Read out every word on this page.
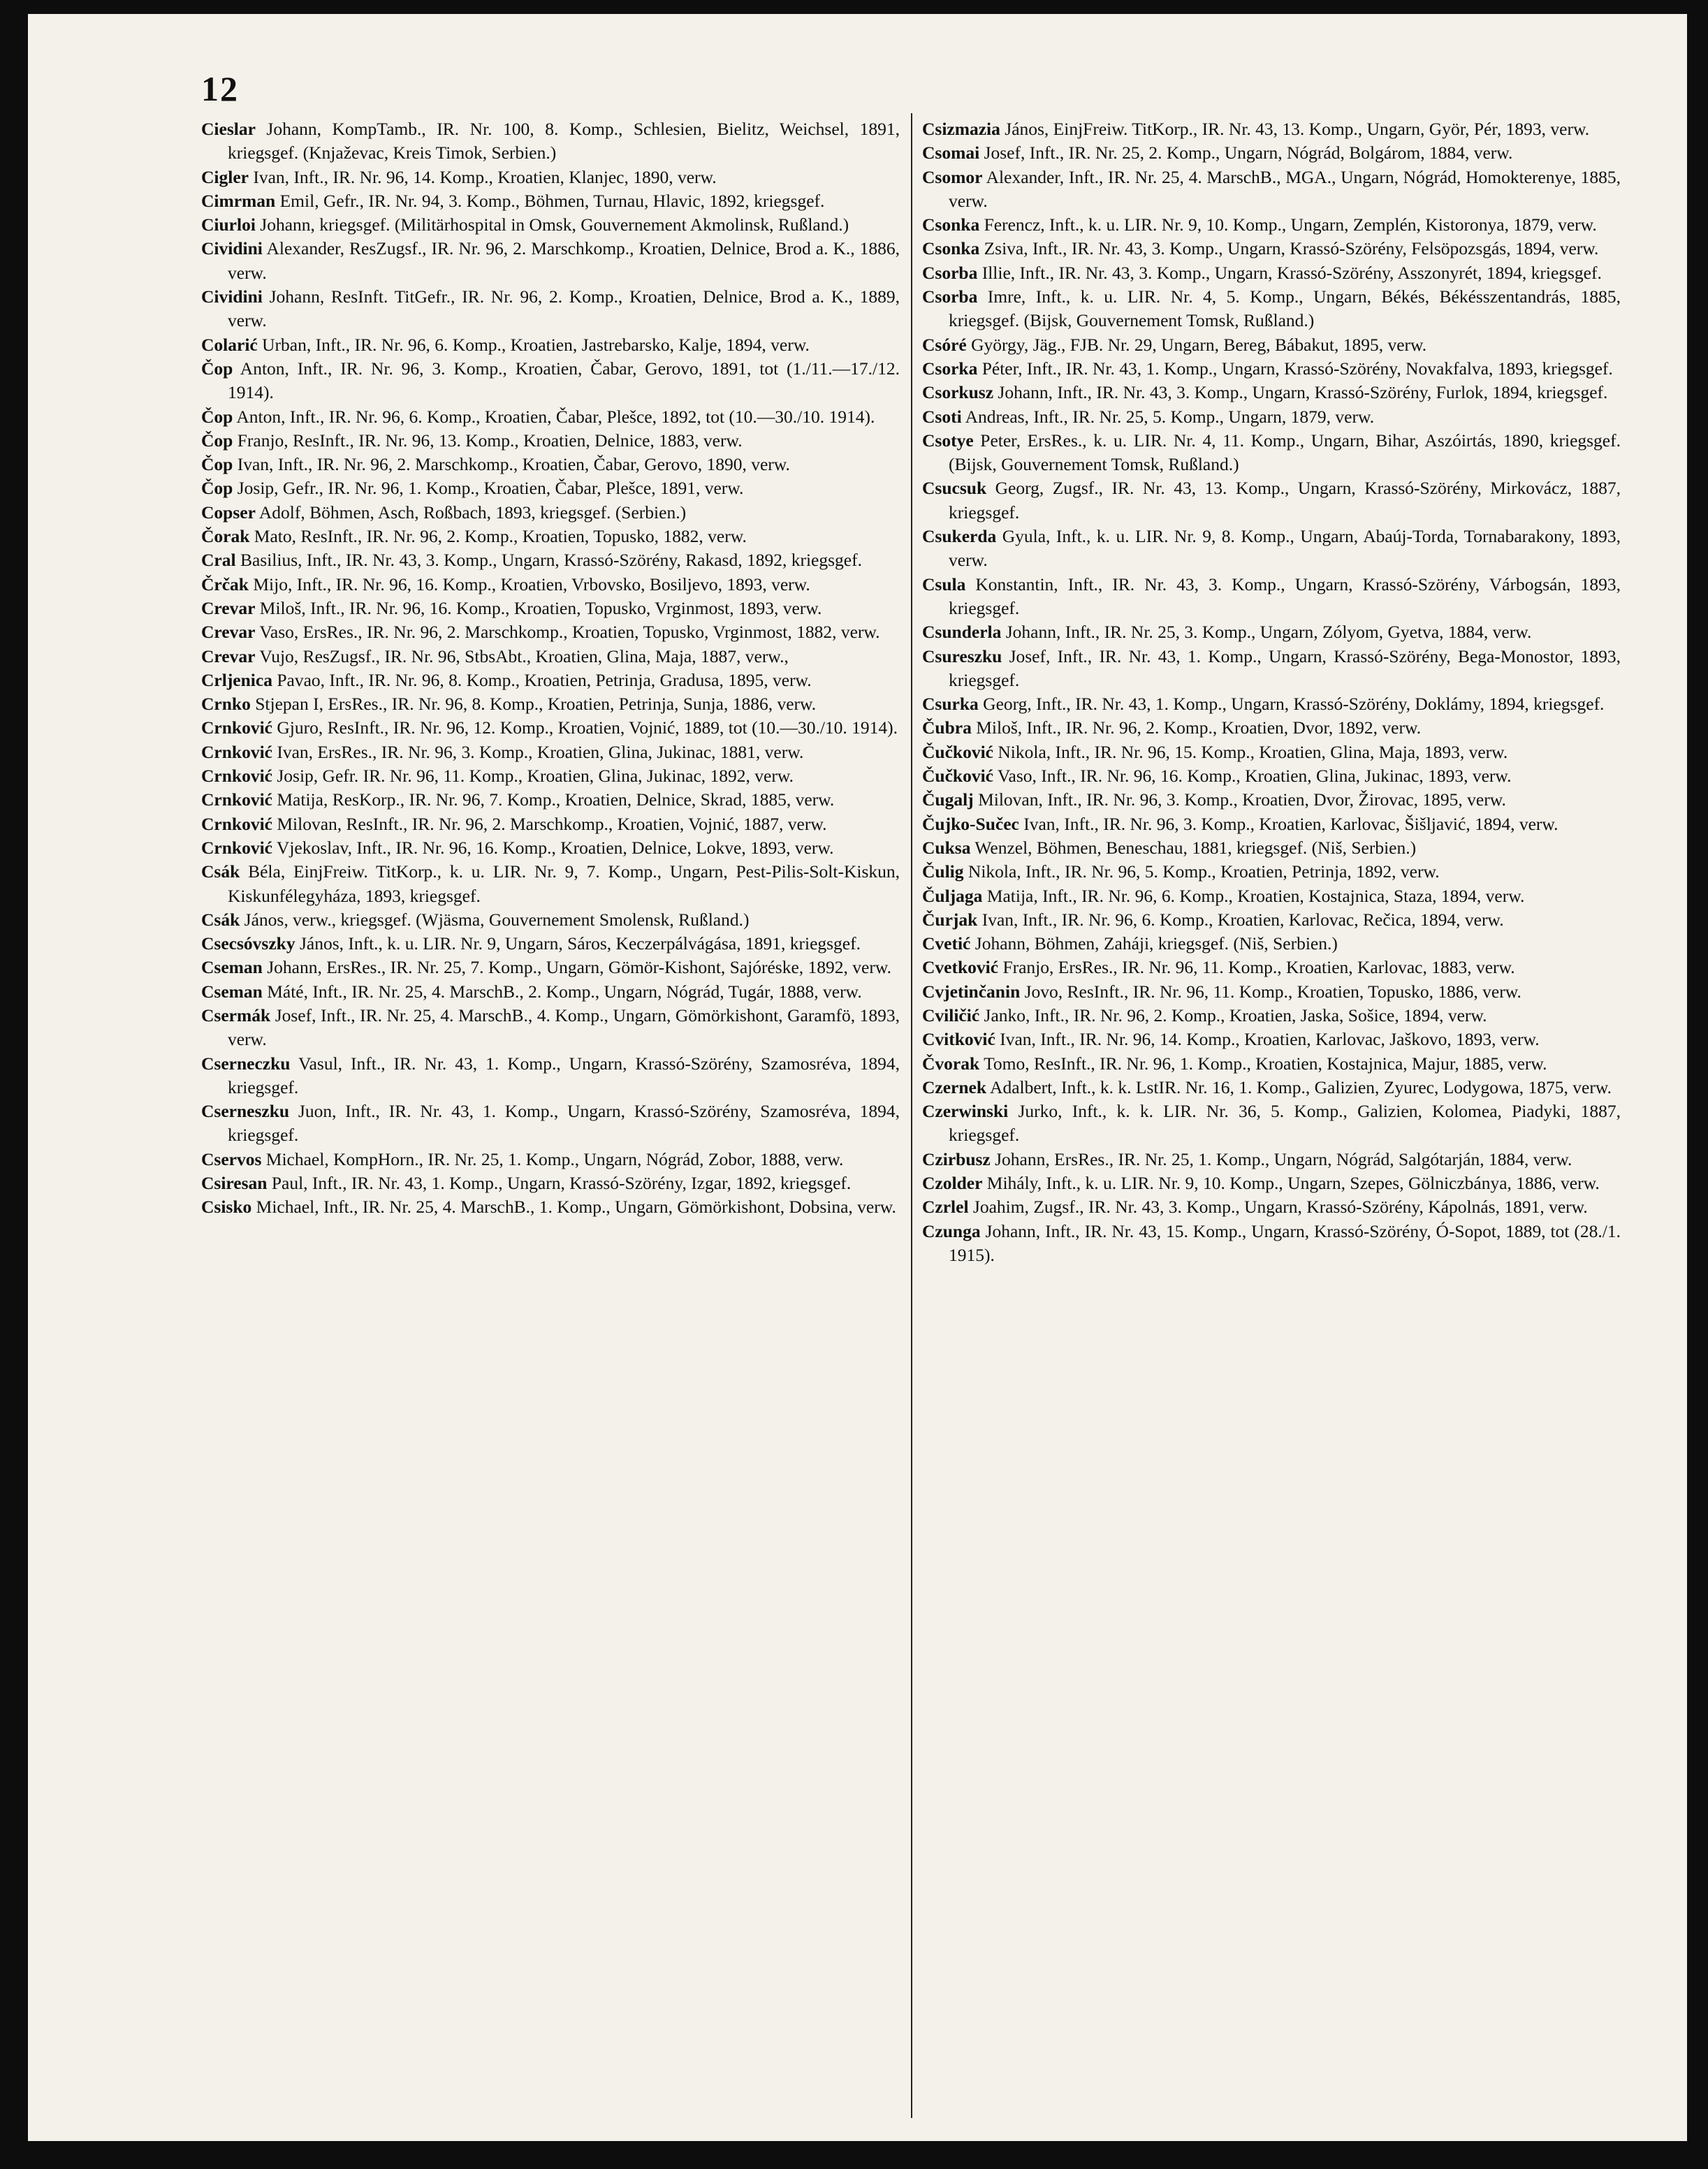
12
Cieslar Johann, KompTamb., IR. Nr. 100, 8. Komp., Schlesien, Bielitz, Weichsel, 1891, kriegsgef. (Knjaževac, Kreis Timok, Serbien.)
Cigler Ivan, Inft., IR. Nr. 96, 14. Komp., Kroatien, Klanjec, 1890, verw.
Cimrman Emil, Gefr., IR. Nr. 94, 3. Komp., Böhmen, Turnau, Hlavic, 1892, kriegsgef.
Ciurloi Johann, kriegsgef. (Militärhospital in Omsk, Gouvernement Akmolinsk, Rußland.)
Cividini Alexander, ResZugsf., IR. Nr. 96, 2. Marschkomp., Kroatien, Delnice, Brod a. K., 1886, verw.
Cividini Johann, ResInft. TitGefr., IR. Nr. 96, 2. Komp., Kroatien, Delnice, Brod a. K., 1889, verw.
Colarić Urban, Inft., IR. Nr. 96, 6. Komp., Kroatien, Jastrebarsko, Kalje, 1894, verw.
Čop Anton, Inft., IR. Nr. 96, 3. Komp., Kroatien, Čabar, Gerovo, 1891, tot (1./11.—17./12. 1914).
Čop Anton, Inft., IR. Nr. 96, 6. Komp., Kroatien, Čabar, Plešce, 1892, tot (10.—30./10. 1914).
Čop Franjo, ResInft., IR. Nr. 96, 13. Komp., Kroatien, Delnice, 1883, verw.
Čop Ivan, Inft., IR. Nr. 96, 2. Marschkomp., Kroatien, Čabar, Gerovo, 1890, verw.
Čop Josip, Gefr., IR. Nr. 96, 1. Komp., Kroatien, Čabar, Plešce, 1891, verw.
Copser Adolf, Böhmen, Asch, Roßbach, 1893, kriegsgef. (Serbien.)
Čorak Mato, ResInft., IR. Nr. 96, 2. Komp., Kroatien, Topusko, 1882, verw.
Cral Basilius, Inft., IR. Nr. 43, 3. Komp., Ungarn, Krassó-Szörény, Rakasd, 1892, kriegsgef.
Črčak Mijo, Inft., IR. Nr. 96, 16. Komp., Kroatien, Vrbovsko, Bosiljevo, 1893, verw.
Crevar Miloš, Inft., IR. Nr. 96, 16. Komp., Kroatien, Topusko, Vrginmost, 1893, verw.
Crevar Vaso, ErsRes., IR. Nr. 96, 2. Marschkomp., Kroatien, Topusko, Vrginmost, 1882, verw.
Crevar Vujo, ResZugsf., IR. Nr. 96, StbsAbt., Kroatien, Glina, Maja, 1887, verw.,
Crljenica Pavao, Inft., IR. Nr. 96, 8. Komp., Kroatien, Petrinja, Gradusa, 1895, verw.
Crnko Stjepan I, ErsRes., IR. Nr. 96, 8. Komp., Kroatien, Petrinja, Sunja, 1886, verw.
Crnković Gjuro, ResInft., IR. Nr. 96, 12. Komp., Kroatien, Vojnić, 1889, tot (10.—30./10. 1914).
Crnković Ivan, ErsRes., IR. Nr. 96, 3. Komp., Kroatien, Glina, Jukinac, 1881, verw.
Crnković Josip, Gefr. IR. Nr. 96, 11. Komp., Kroatien, Glina, Jukinac, 1892, verw.
Crnković Matija, ResKorp., IR. Nr. 96, 7. Komp., Kroatien, Delnice, Skrad, 1885, verw.
Crnković Milovan, ResInft., IR. Nr. 96, 2. Marschkomp., Kroatien, Vojnić, 1887, verw.
Crnković Vjekoslav, Inft., IR. Nr. 96, 16. Komp., Kroatien, Delnice, Lokve, 1893, verw.
Csák Béla, EinjFreiw. TitKorp., k. u. LIR. Nr. 9, 7. Komp., Ungarn, Pest-Pilis-Solt-Kiskun, Kiskunfélegyháza, 1893, kriegsgef.
Csák János, verw., kriegsgef. (Wjäsma, Gouvernement Smolensk, Rußland.)
Csecsóvszky János, Inft., k. u. LIR. Nr. 9, Ungarn, Sáros, Keczerpálvágása, 1891, kriegsgef.
Cseman Johann, ErsRes., IR. Nr. 25, 7. Komp., Ungarn, Gömör-Kishont, Sajóréske, 1892, verw.
Cseman Máté, Inft., IR. Nr. 25, 4. MarschB., 2. Komp., Ungarn, Nógrád, Tugár, 1888, verw.
Csermák Josef, Inft., IR. Nr. 25, 4. MarschB., 4. Komp., Ungarn, Gömörkishont, Garamfö, 1893, verw.
Cserneczku Vasul, Inft., IR. Nr. 43, 1. Komp., Ungarn, Krassó-Szörény, Szamosréva, 1894, kriegsgef.
Cserneszku Juon, Inft., IR. Nr. 43, 1. Komp., Ungarn, Krassó-Szörény, Szamosréva, 1894, kriegsgef.
Cservos Michael, KompHorn., IR. Nr. 25, 1. Komp., Ungarn, Nógrád, Zobor, 1888, verw.
Csiresan Paul, Inft., IR. Nr. 43, 1. Komp., Ungarn, Krassó-Szörény, Izgar, 1892, kriegsgef.
Csisko Michael, Inft., IR. Nr. 25, 4. MarschB., 1. Komp., Ungarn, Gömörkishont, Dobsina, verw.
Csizmazia János, EinjFreiw. TitKorp., IR. Nr. 43, 13. Komp., Ungarn, Györ, Pér, 1893, verw.
Csomai Josef, Inft., IR. Nr. 25, 2. Komp., Ungarn, Nógrád, Bolgárom, 1884, verw.
Csomor Alexander, Inft., IR. Nr. 25, 4. MarschB., MGA., Ungarn, Nógrád, Homokterenye, 1885, verw.
Csonka Ferencz, Inft., k. u. LIR. Nr. 9, 10. Komp., Ungarn, Zemplén, Kistoronya, 1879, verw.
Csonka Zsiva, Inft., IR. Nr. 43, 3. Komp., Ungarn, Krassó-Szörény, Felsöpozsgás, 1894, verw.
Csorba Illie, Inft., IR. Nr. 43, 3. Komp., Ungarn, Krassó-Szörény, Asszonyrét, 1894, kriegsgef.
Csorba Imre, Inft., k. u. LIR. Nr. 4, 5. Komp., Ungarn, Békés, Békésszentandrás, 1885, kriegsgef. (Bijsk, Gouvernement Tomsk, Rußland.)
Csóré György, Jäg., FJB. Nr. 29, Ungarn, Bereg, Bábakut, 1895, verw.
Csorka Péter, Inft., IR. Nr. 43, 1. Komp., Ungarn, Krassó-Szörény, Novakfalva, 1893, kriegsgef.
Csorkusz Johann, Inft., IR. Nr. 43, 3. Komp., Ungarn, Krassó-Szörény, Furlok, 1894, kriegsgef.
Csoti Andreas, Inft., IR. Nr. 25, 5. Komp., Ungarn, 1879, verw.
Csotye Peter, ErsRes., k. u. LIR. Nr. 4, 11. Komp., Ungarn, Bihar, Aszóirtás, 1890, kriegsgef. (Bijsk, Gouvernement Tomsk, Rußland.)
Csucsuk Georg, Zugsf., IR. Nr. 43, 13. Komp., Ungarn, Krassó-Szörény, Mirkovácz, 1887, kriegsgef.
Csukerda Gyula, Inft., k. u. LIR. Nr. 9, 8. Komp., Ungarn, Abaúj-Torda, Tornabarakony, 1893, verw.
Csula Konstantin, Inft., IR. Nr. 43, 3. Komp., Ungarn, Krassó-Szörény, Várbogsán, 1893, kriegsgef.
Csunderla Johann, Inft., IR. Nr. 25, 3. Komp., Ungarn, Zólyom, Gyetva, 1884, verw.
Csureszku Josef, Inft., IR. Nr. 43, 1. Komp., Ungarn, Krassó-Szörény, Bega-Monostor, 1893, kriegsgef.
Csurka Georg, Inft., IR. Nr. 43, 1. Komp., Ungarn, Krassó-Szörény, Doklámy, 1894, kriegsgef.
Čubra Miloš, Inft., IR. Nr. 96, 2. Komp., Kroatien, Dvor, 1892, verw.
Čučković Nikola, Inft., IR. Nr. 96, 15. Komp., Kroatien, Glina, Maja, 1893, verw.
Čučković Vaso, Inft., IR. Nr. 96, 16. Komp., Kroatien, Glina, Jukinac, 1893, verw.
Čugalj Milovan, Inft., IR. Nr. 96, 3. Komp., Kroatien, Dvor, Žirovac, 1895, verw.
Čujko-Sučec Ivan, Inft., IR. Nr. 96, 3. Komp., Kroatien, Karlovac, Šišljavić, 1894, verw.
Cuksa Wenzel, Böhmen, Beneschau, 1881, kriegsgef. (Niš, Serbien.)
Čulig Nikola, Inft., IR. Nr. 96, 5. Komp., Kroatien, Petrinja, 1892, verw.
Čuljaga Matija, Inft., IR. Nr. 96, 6. Komp., Kroatien, Kostajnica, Staza, 1894, verw.
Čurjak Ivan, Inft., IR. Nr. 96, 6. Komp., Kroatien, Karlovac, Rečica, 1894, verw.
Cvetić Johann, Böhmen, Zaháji, kriegsgef. (Niš, Serbien.)
Cvetković Franjo, ErsRes., IR. Nr. 96, 11. Komp., Kroatien, Karlovac, 1883, verw.
Cvjetinčanin Jovo, ResInft., IR. Nr. 96, 11. Komp., Kroatien, Topusko, 1886, verw.
Cviličić Janko, Inft., IR. Nr. 96, 2. Komp., Kroatien, Jaska, Sošice, 1894, verw.
Cvitković Ivan, Inft., IR. Nr. 96, 14. Komp., Kroatien, Karlovac, Jaškovo, 1893, verw.
Čvorak Tomo, ResInft., IR. Nr. 96, 1. Komp., Kroatien, Kostajnica, Majur, 1885, verw.
Czernek Adalbert, Inft., k. k. LstIR. Nr. 16, 1. Komp., Galizien, Zyurec, Lodygowa, 1875, verw.
Czerwinski Jurko, Inft., k. k. LIR. Nr. 36, 5. Komp., Galizien, Kolomea, Piadyki, 1887, kriegsgef.
Czirbusz Johann, ErsRes., IR. Nr. 25, 1. Komp., Ungarn, Nógrád, Salgótarján, 1884, verw.
Czolder Mihály, Inft., k. u. LIR. Nr. 9, 10. Komp., Ungarn, Szepes, Gölniczbánya, 1886, verw.
Czrlel Joahim, Zugsf., IR. Nr. 43, 3. Komp., Ungarn, Krassó-Szörény, Kápolnás, 1891, verw.
Czunga Johann, Inft., IR. Nr. 43, 15. Komp., Ungarn, Krassó-Szörény, Ó-Sopot, 1889, tot (28./1. 1915).
